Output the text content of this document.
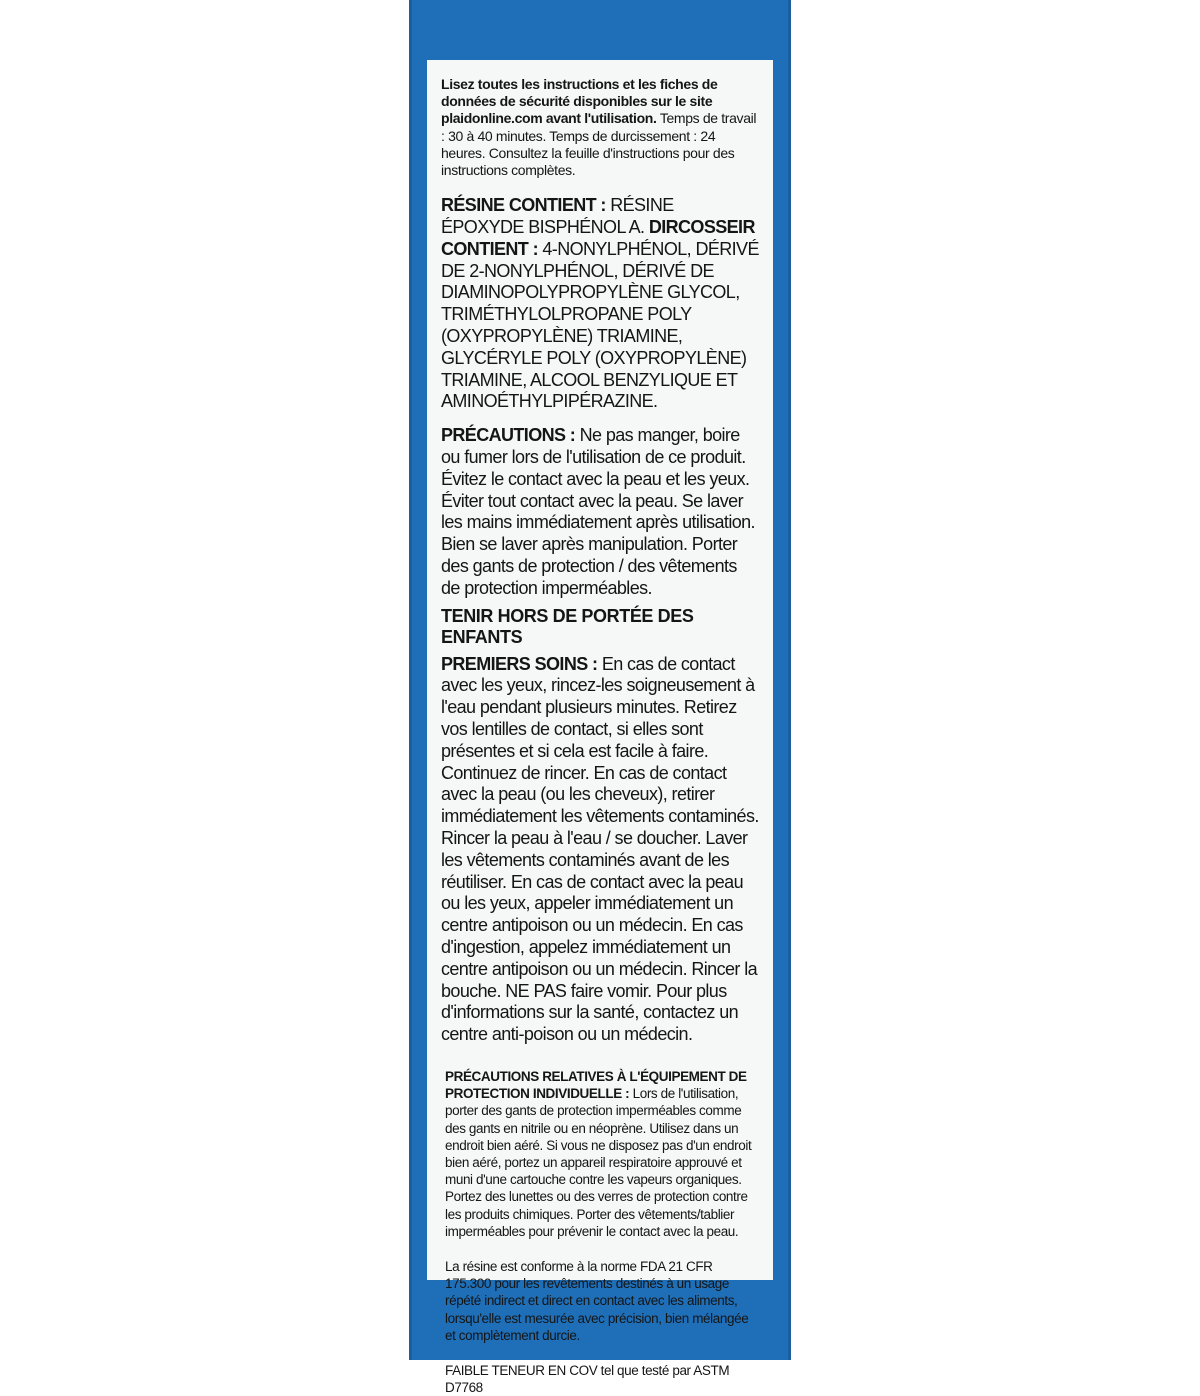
Lisez toutes les instructions et les fiches de données de sécurité disponibles sur le site plaidonline.com avant l'utilisation. Temps de travail : 30 à 40 minutes. Temps de durcissement : 24 heures. Consultez la feuille d'instructions pour des instructions complètes.

RÉSINE CONTIENT : RÉSINE ÉPOXYDE BISPHÉNOL A. DIRCOSSEIR CONTIENT : 4-NONYLPHÉNOL, DÉRIVÉ DE 2-NONYLPHÉNOL, DÉRIVÉ DE DIAMINOPOLYPROPYLÈNE GLYCOL, TRIMÉTHYLOLPROPANE POLY (OXYPROPYLÈNE) TRIAMINE, GLYCÉRYLE POLY (OXYPROPYLÈNE) TRIAMINE, ALCOOL BENZYLIQUE ET AMINOÉTHYLPIPÉRAZINE.

PRÉCAUTIONS : Ne pas manger, boire ou fumer lors de l'utilisation de ce produit. Évitez le contact avec la peau et les yeux. Éviter tout contact avec la peau. Se laver les mains immédiatement après utilisation. Bien se laver après manipulation. Porter des gants de protection / des vêtements de protection imperméables.

TENIR HORS DE PORTÉE DES ENFANTS

PREMIERS SOINS : En cas de contact avec les yeux, rincez-les soigneusement à l'eau pendant plusieurs minutes. Retirez vos lentilles de contact, si elles sont présentes et si cela est facile à faire. Continuez de rincer. En cas de contact avec la peau (ou les cheveux), retirer immédiatement les vêtements contaminés. Rincer la peau à l'eau / se doucher. Laver les vêtements contaminés avant de les réutiliser. En cas de contact avec la peau ou les yeux, appeler immédiatement un centre antipoison ou un médecin. En cas d'ingestion, appelez immédiatement un centre antipoison ou un médecin. Rincer la bouche. NE PAS faire vomir. Pour plus d'informations sur la santé, contactez un centre anti-poison ou un médecin.

PRÉCAUTIONS RELATIVES À L'ÉQUIPEMENT DE PROTECTION INDIVIDUELLE : Lors de l'utilisation, porter des gants de protection imperméables comme des gants en nitrile ou en néoprène. Utilisez dans un endroit bien aéré. Si vous ne disposez pas d'un endroit bien aéré, portez un appareil respiratoire approuvé et muni d'une cartouche contre les vapeurs organiques. Portez des lunettes ou des verres de protection contre les produits chimiques. Porter des vêtements/tablier imperméables pour prévenir le contact avec la peau.

La résine est conforme à la norme FDA 21 CFR 175.300 pour les revêtements destinés à un usage répété indirect et direct en contact avec les aliments, lorsqu'elle est mesurée avec précision, bien mélangée et complètement durcie.

FAIBLE TENEUR EN COV tel que testé par ASTM D7768
